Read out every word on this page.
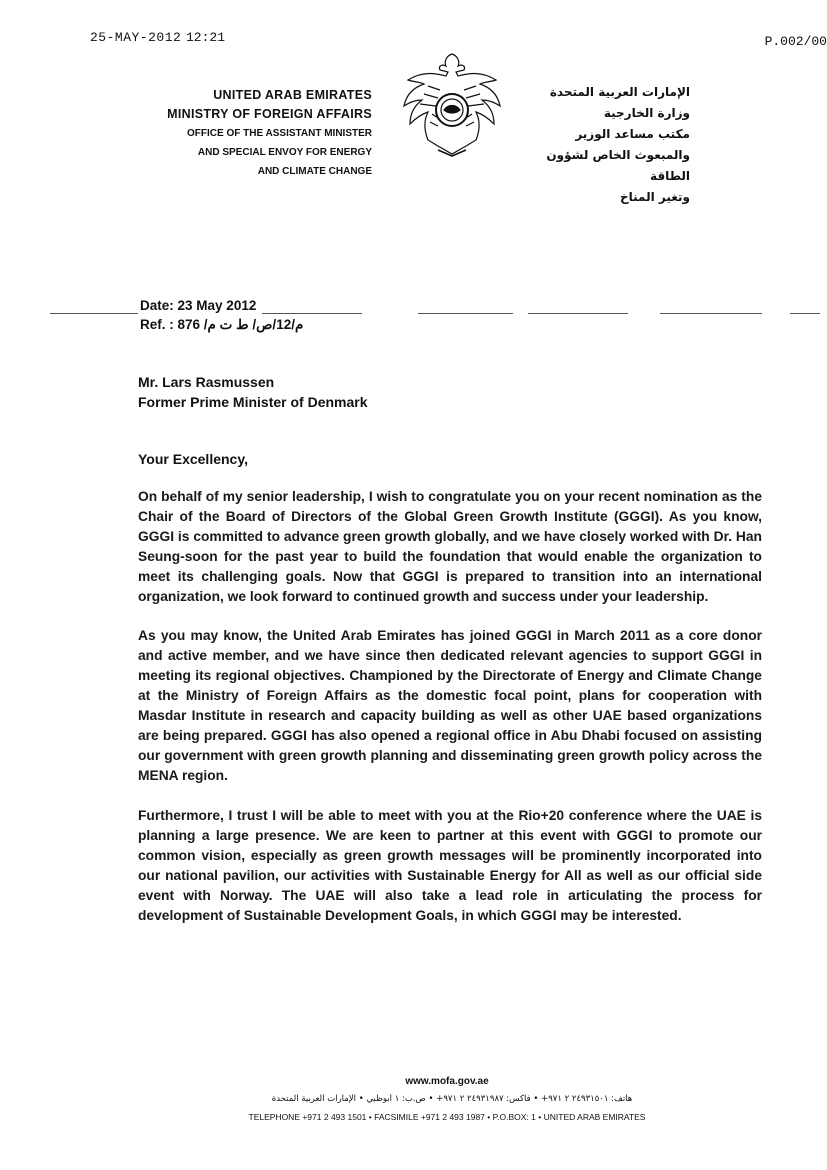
25-MAY-2012 12:21	P.002/00
UNITED ARAB EMIRATES
MINISTRY OF FOREIGN AFFAIRS
OFFICE OF THE ASSISTANT MINISTER
AND SPECIAL ENVOY FOR ENERGY
AND CLIMATE CHANGE
الإمارات العربية المتحدة
وزارة الخارجية
مكتب مساعد الوزير
والمبعوث الخاص لشؤون الطاقة
وتغير المناخ
Date: 23 May 2012
Ref. : 876 /م/12/ص/ ط ت م
Mr. Lars Rasmussen
Former Prime Minister of Denmark
Your Excellency,
On behalf of my senior leadership, I wish to congratulate you on your recent nomination as the Chair of the Board of Directors of the Global Green Growth Institute (GGGI). As you know, GGGI is committed to advance green growth globally, and we have closely worked with Dr. Han Seung-soon for the past year to build the foundation that would enable the organization to meet its challenging goals. Now that GGGI is prepared to transition into an international organization, we look forward to continued growth and success under your leadership.
As you may know, the United Arab Emirates has joined GGGI in March 2011 as a core donor and active member, and we have since then dedicated relevant agencies to support GGGI in meeting its regional objectives. Championed by the Directorate of Energy and Climate Change at the Ministry of Foreign Affairs as the domestic focal point, plans for cooperation with Masdar Institute in research and capacity building as well as other UAE based organizations are being prepared. GGGI has also opened a regional office in Abu Dhabi focused on assisting our government with green growth planning and disseminating green growth policy across the MENA region.
Furthermore, I trust I will be able to meet with you at the Rio+20 conference where the UAE is planning a large presence. We are keen to partner at this event with GGGI to promote our common vision, especially as green growth messages will be prominently incorporated into our national pavilion, our activities with Sustainable Energy for All as well as our official side event with Norway. The UAE will also take a lead role in articulating the process for development of Sustainable Development Goals, in which GGGI may be interested.
www.mofa.gov.ae
هاتف: ٢٤٩٣١٥٠١ ٢ ٩٧١+ • فاكس: ٢٤٩٣١٩٨٧ ٢ ٩٧١+ • ص.ب: ١ أبوظبي • الإمارات العربية المتحدة
TELEPHONE +971 2 493 1501 • FACSIMILE +971 2 493 1987 • P.O.BOX: 1 • UNITED ARAB EMIRATES
